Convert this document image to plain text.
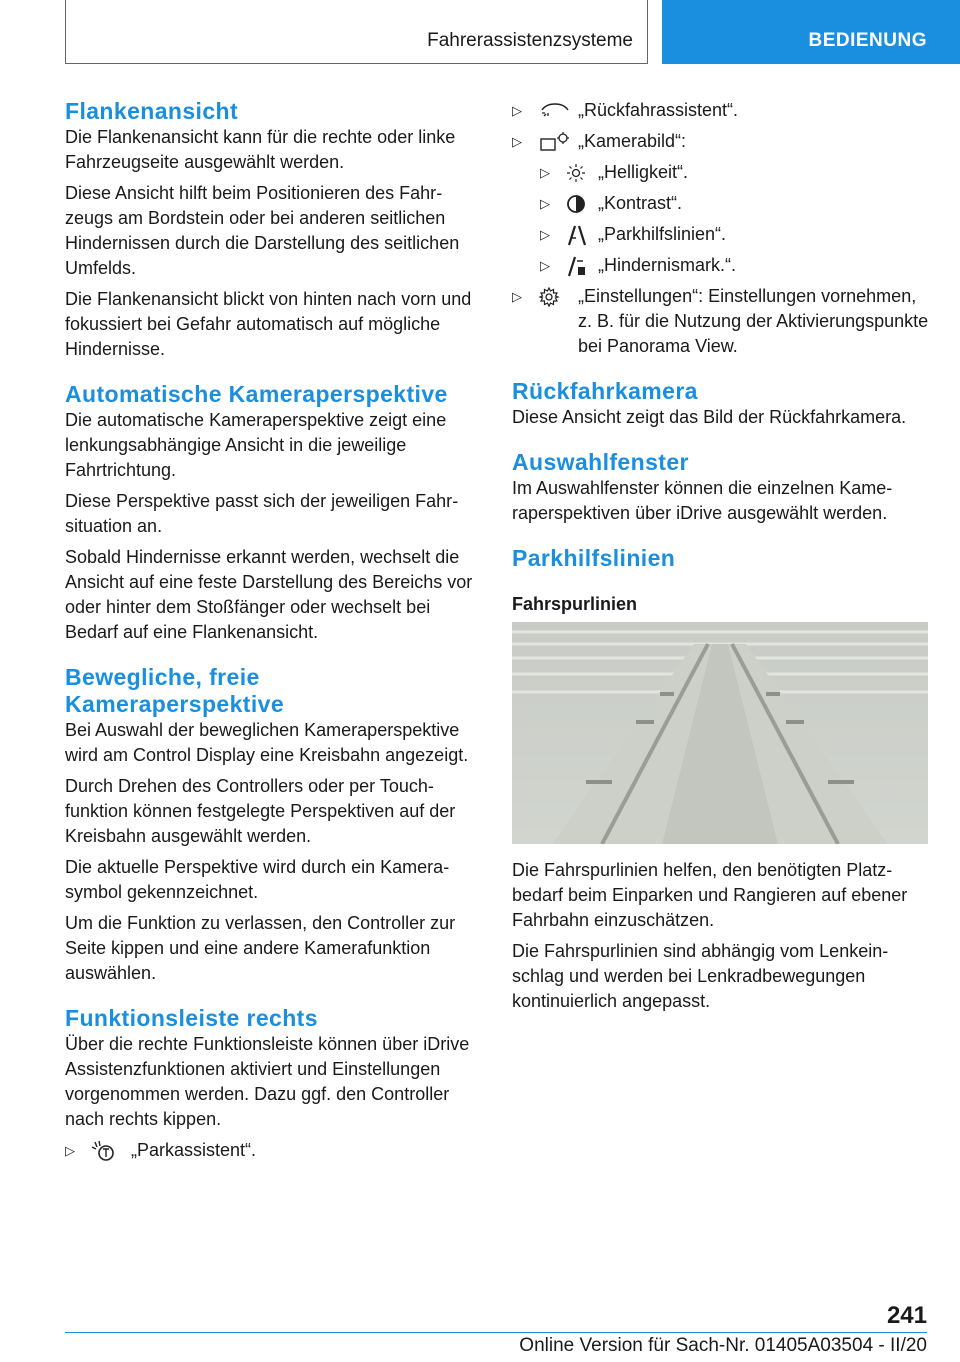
Fahrerassistenzsysteme	BEDIENUNG
Flankenansicht

Die Flankenansicht kann für die rechte oder linke Fahrzeugseite ausgewählt werden.

Diese Ansicht hilft beim Positionieren des Fahrzeugs am Bordstein oder bei anderen seitlichen Hindernissen durch die Darstellung des seitlichen Umfelds.

Die Flankenansicht blickt von hinten nach vorn und fokussiert bei Gefahr automatisch auf mögliche Hindernisse.

Automatische Kameraperspektive

Die automatische Kameraperspektive zeigt eine lenkungsabhängige Ansicht in die jeweilige Fahrtrichtung.

Diese Perspektive passt sich der jeweiligen Fahrsituation an.

Sobald Hindernisse erkannt werden, wechselt die Ansicht auf eine feste Darstellung des Bereichs vor oder hinter dem Stoßfänger oder wechselt bei Bedarf auf eine Flankenansicht.

Bewegliche, freie
Kameraperspektive

Bei Auswahl der beweglichen Kameraperspektive wird am Control Display eine Kreisbahn angezeigt.

Durch Drehen des Controllers oder per Touchfunktion können festgelegte Perspektiven auf der Kreisbahn ausgewählt werden.

Die aktuelle Perspektive wird durch ein Kamerasymbol gekennzeichnet.

Um die Funktion zu verlassen, den Controller zur Seite kippen und eine andere Kamerafunktion auswählen.

Funktionsleiste rechts

Über die rechte Funktionsleiste können über iDrive Assistenzfunktionen aktiviert und Einstellungen vorgenommen werden. Dazu ggf. den Controller nach rechts kippen.

▷	„Parkassistent“.
▷	„Rückfahrassistent“.
▷	„Kamerabild“:
▷	„Helligkeit“.
▷	„Kontrast“.
▷	„Parkhilfslinien“.
▷	„Hindernismark.“.
▷	„Einstellungen“: Einstellungen vornehmen, z. B. für die Nutzung der Aktivierungspunkte bei Panorama View.
Rückfahrkamera

Diese Ansicht zeigt das Bild der Rückfahrkamera.

Auswahlfenster

Im Auswahlfenster können die einzelnen Kameraperspektiven über iDrive ausgewählt werden.

Parkhilfslinien
Fahrspurlinien

Die Fahrspurlinien helfen, den benötigten Platzbedarf beim Einparken und Rangieren auf ebener Fahrbahn einzuschätzen.

Die Fahrspurlinien sind abhängig vom Lenkeinschlag und werden bei Lenkradbewegungen kontinuierlich angepasst.

241
Online Version für Sach-Nr. 01405A03504 - II/20
